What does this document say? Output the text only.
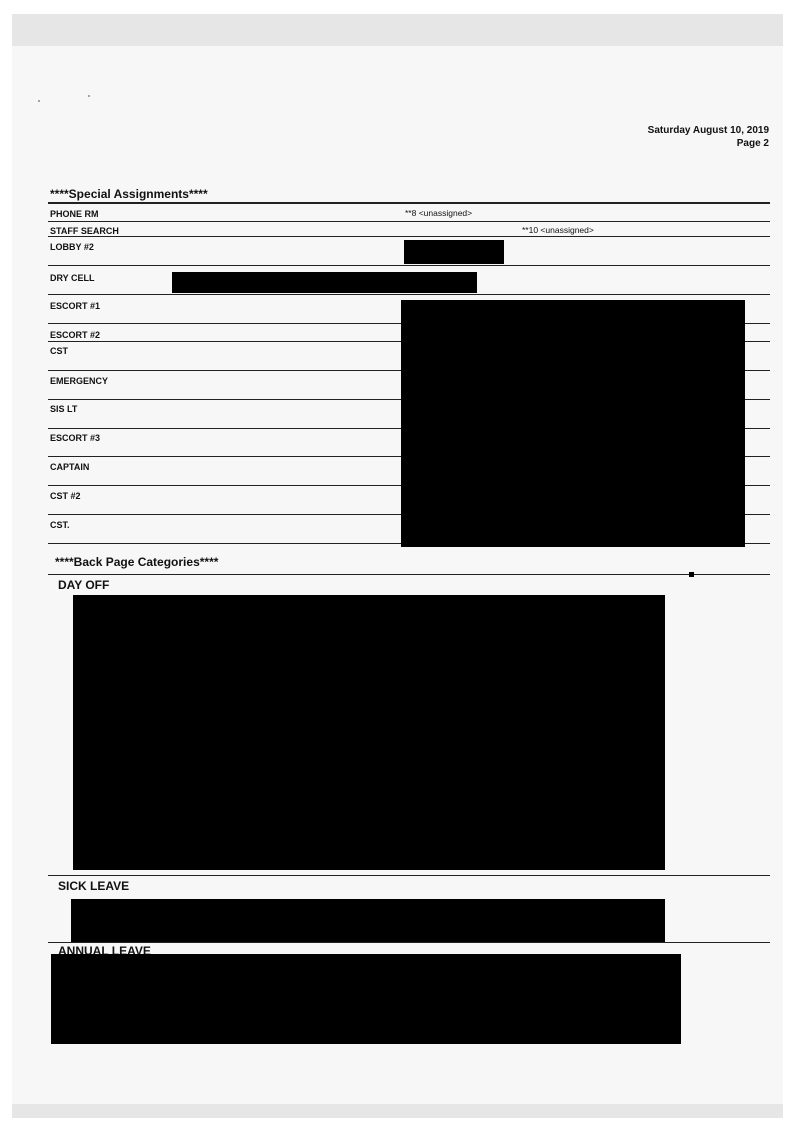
Saturday August 10, 2019
Page 2
****Special Assignments****
PHONE RM	**8 <unassigned>
STAFF SEARCH	**10 <unassigned>
LOBBY #2
DRY CELL
ESCORT #1
ESCORT #2
CST
EMERGENCY
SIS LT
ESCORT #3
CAPTAIN
CST #2
CST.
****Back Page Categories****
DAY OFF
SICK LEAVE
ANNUAL LEAVE
